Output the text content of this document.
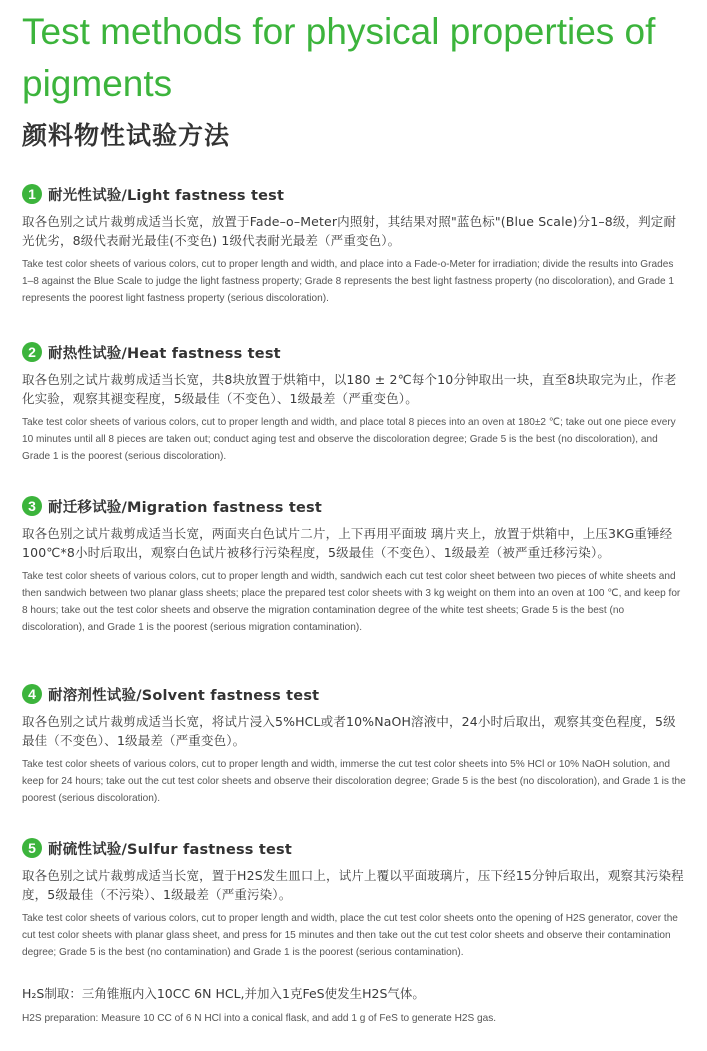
Test methods for physical properties of pigments
颜料物性试验方法
1 耐光性试验/Light fastness test

取各色别之试片裁剪成适当长宽，放置于Fade–o–Meter内照射，其结果对照"蓝色标"(Blue Scale)分1–8级，判定耐光优劣，8级代表耐光最佳(不变色) 1级代表耐光最差（严重变色）。

Take test color sheets of various colors, cut to proper length and width, and place into a Fade-o-Meter for irradiation; divide the results into Grades 1–8 against the Blue Scale to judge the light fastness property; Grade 8 represents the best light fastness property (no discoloration), and Grade 1 represents the poorest light fastness property (serious discoloration).

2 耐热性试验/Heat fastness test

取各色别之试片裁剪成适当长宽，共8块放置于烘箱中，以180 ± 2℃每个10分钟取出一块，直至8块取完为止，作老化实验，观察其褪变程度，5级最佳（不变色）、1级最差（严重变色）。

Take test color sheets of various colors, cut to proper length and width, and place total 8 pieces into an oven at 180±2 ℃; take out one piece every 10 minutes until all 8 pieces are taken out; conduct aging test and observe the discoloration degree; Grade 5 is the best (no discoloration), and Grade 1 is the poorest (serious discoloration).

3 耐迁移试验/Migration fastness test

取各色别之试片裁剪成适当长宽，两面夹白色试片二片，上下再用平面玻 璃片夹上，放置于烘箱中，上压3KG重锤经100℃*8小时后取出，观察白色试片被移行污染程度，5级最佳（不变色）、1级最差（被严重迁移污染）。

Take test color sheets of various colors, cut to proper length and width, sandwich each cut test color sheet between two pieces of white sheets and then sandwich between two planar glass sheets; place the prepared test color sheets with 3 kg weight on them into an oven at 100 ℃, and keep for 8 hours; take out the test color sheets and observe the migration contamination degree of the white test sheets; Grade 5 is the best (no discoloration), and Grade 1 is the poorest (serious migration contamination).

4 耐溶剂性试验/Solvent fastness test

取各色别之试片裁剪成适当长宽，将试片浸入5%HCL或者10%NaOH溶液中，24小时后取出，观察其变色程度，5级最佳（不变色）、1级最差（严重变色）。

Take test color sheets of various colors, cut to proper length and width, immerse the cut test color sheets into 5% HCl or 10% NaOH solution, and keep for 24 hours; take out the cut test color sheets and observe their discoloration degree; Grade 5 is the best (no discoloration), and Grade 1 is the poorest (serious discoloration).

5 耐硫性试验/Sulfur fastness test

取各色别之试片裁剪成适当长宽，置于H2S发生皿口上，试片上覆以平面玻璃片，压下经15分钟后取出，观察其污染程度，5级最佳（不污染）、1级最差（严重污染）。

Take test color sheets of various colors, cut to proper length and width, place the cut test color sheets onto the opening of H2S generator, cover the cut test color sheets with planar glass sheet, and press for 15 minutes and then take out the cut test color sheets and observe their contamination degree; Grade 5 is the best (no contamination) and Grade 1 is the poorest (serious contamination).

H₂S制取：三角锥瓶内入10CC 6N HCL,并加入1克FeS使发生H2S气体。

H2S preparation: Measure 10 CC of 6 N HCl into a conical flask, and add 1 g of FeS to generate H2S gas.
